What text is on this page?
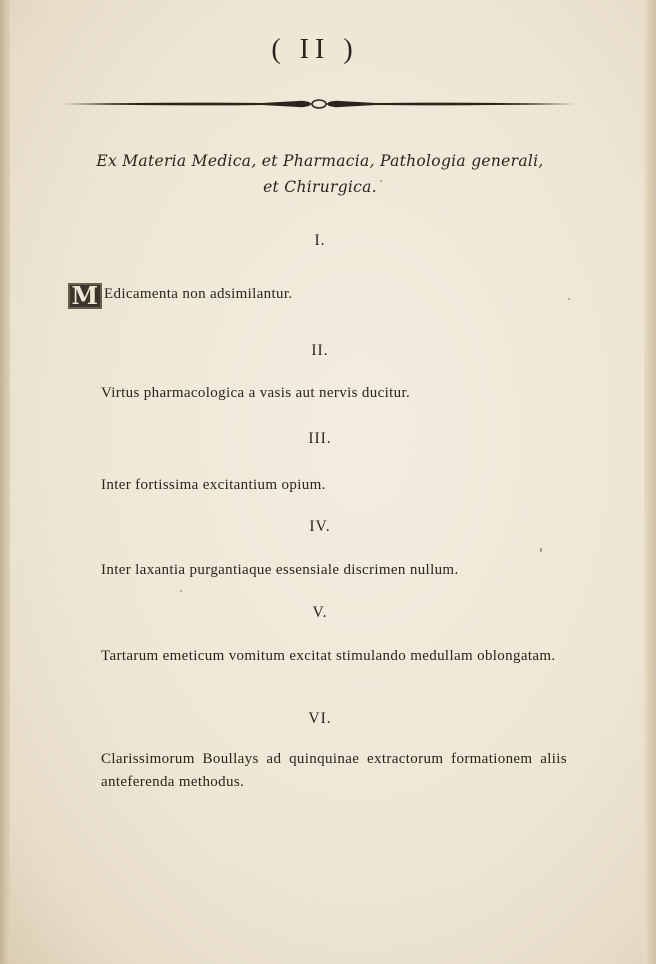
( II )
Ex Materia Medica, et Pharmacia, Pathologia generali,
et Chirurgica.
I.
M Edicamenta non adsimilantur.
II.
Virtus pharmacologica a vasis aut nervis ducitur.
III.
Inter fortissima excitantium opium.
IV.
Inter laxantia purgantiaque essensiale discrimen nullum.
V.
Tartarum emeticum vomitum excitat stimulando medullam oblongatam.
VI.
Clarissimorum Boullays ad quinquinae extractorum formationem aliis anteferenda methodus.
